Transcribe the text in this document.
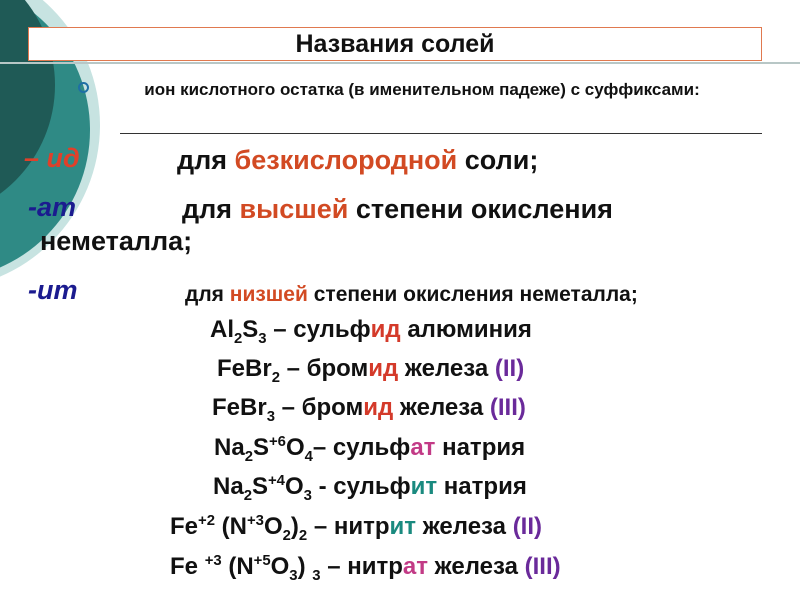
Названия солей
ион кислотного остатка (в именительном падеже) с суффиксами:
– ид	для безкислородной соли;
-ат	для высшей степени окисления
неметалла;
-ит	для низшей степени окисления неметалла;
$Al_2S_3$ – сульфид алюминия
FeBr$_2$ – бромид железа (II)
FeBr$_3$ – бромид железа (III)
$Na_2S^{+6}O_4-$ сульфат натрия
$Na_2S^{+4}O_3$ - сульфит натрия
$Fe^{+2}$ $(N^{+3}O_2)_2$ – нитрит железа (II)
Fe $^{+3}$ $(N^{+5}O_3)$ $_3$ – нитрат железа (III)
